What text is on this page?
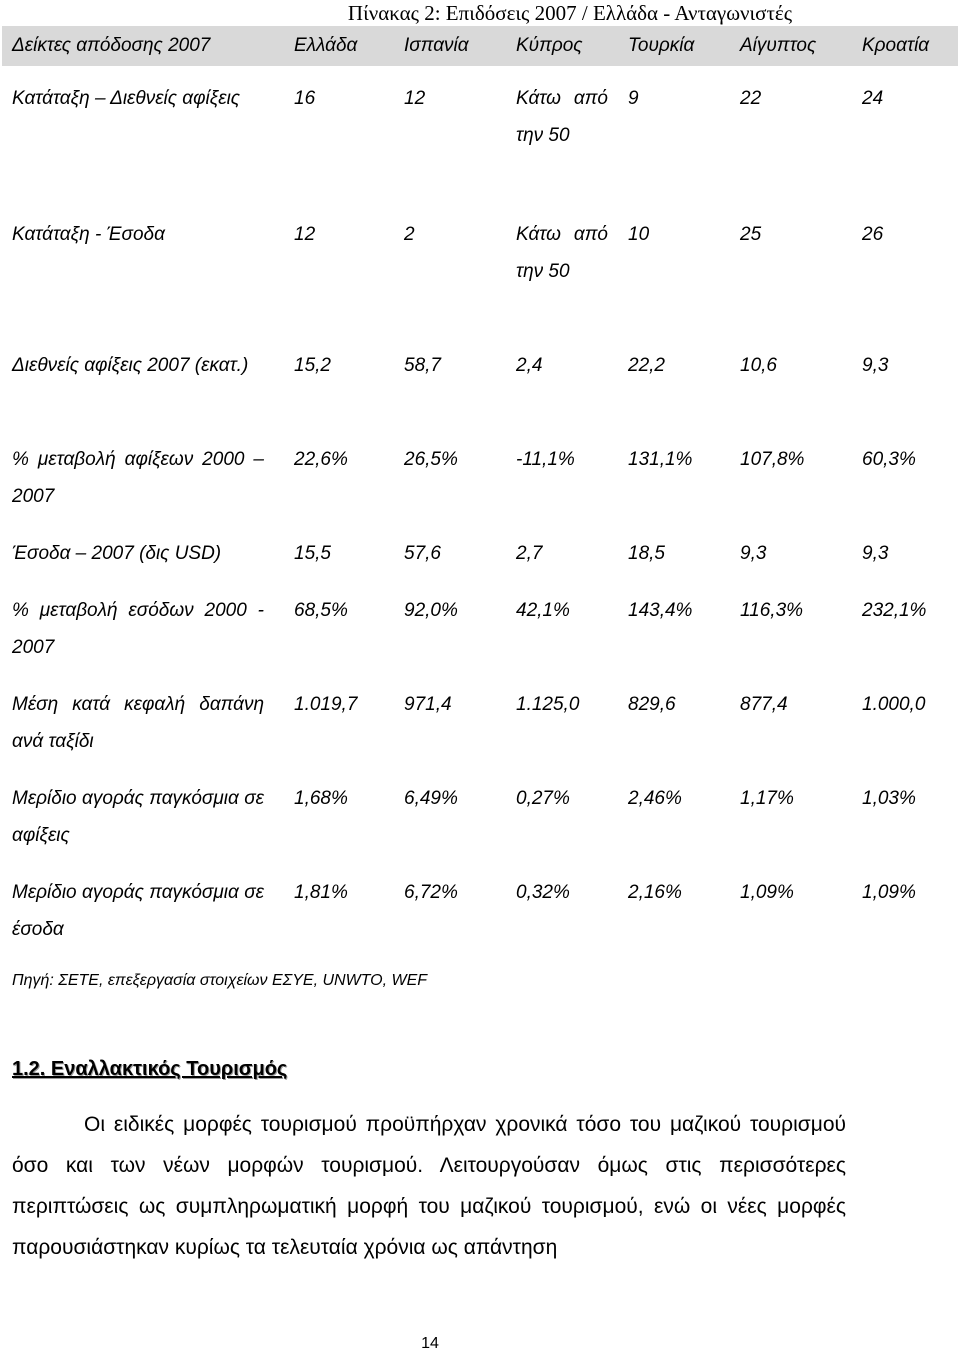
Πίνακας 2: Επιδόσεις 2007 / Ελλάδα - Ανταγωνιστές
Δείκτες απόδοσης 2007	Ελλάδα	Ισπανία	Κύπρος	Τουρκία	Αίγυπτος	Κροατία
Κατάταξη – Διεθνείς αφίξεις	16	12	Κάτω από την 50	9	22	24
Κατάταξη - Έσοδα	12	2	Κάτω από την 50	10	25	26
Διεθνείς αφίξεις 2007 (εκατ.)	15,2	58,7	2,4	22,2	10,6	9,3
% μεταβολή αφίξεων 2000 – 2007	22,6%	26,5%	-11,1%	131,1%	107,8%	60,3%
Έσοδα – 2007 (δις USD)	15,5	57,6	2,7	18,5	9,3	9,3
% μεταβολή εσόδων 2000 - 2007	68,5%	92,0%	42,1%	143,4%	116,3%	232,1%
Μέση κατά κεφαλή δαπάνη ανά ταξίδι	1.019,7	971,4	1.125,0	829,6	877,4	1.000,0
Μερίδιο αγοράς παγκόσμια σε αφίξεις	1,68%	6,49%	0,27%	2,46%	1,17%	1,03%
Μερίδιο αγοράς παγκόσμια σε έσοδα	1,81%	6,72%	0,32%	2,16%	1,09%	1,09%
Πηγή: ΣΕΤΕ, επεξεργασία στοιχείων ΕΣΥΕ, UNWTO, WEF
1.2. Εναλλακτικός Τουρισμός
Οι ειδικές μορφές τουρισμού προϋπήρχαν χρονικά τόσο του μαζικού τουρισμού όσο και των νέων μορφών τουρισμού. Λειτουργούσαν όμως στις περισσότερες περιπτώσεις ως συμπληρωματική μορφή του μαζικού τουρισμού, ενώ οι νέες μορφές παρουσιάστηκαν κυρίως τα τελευταία χρόνια ως απάντηση
14
